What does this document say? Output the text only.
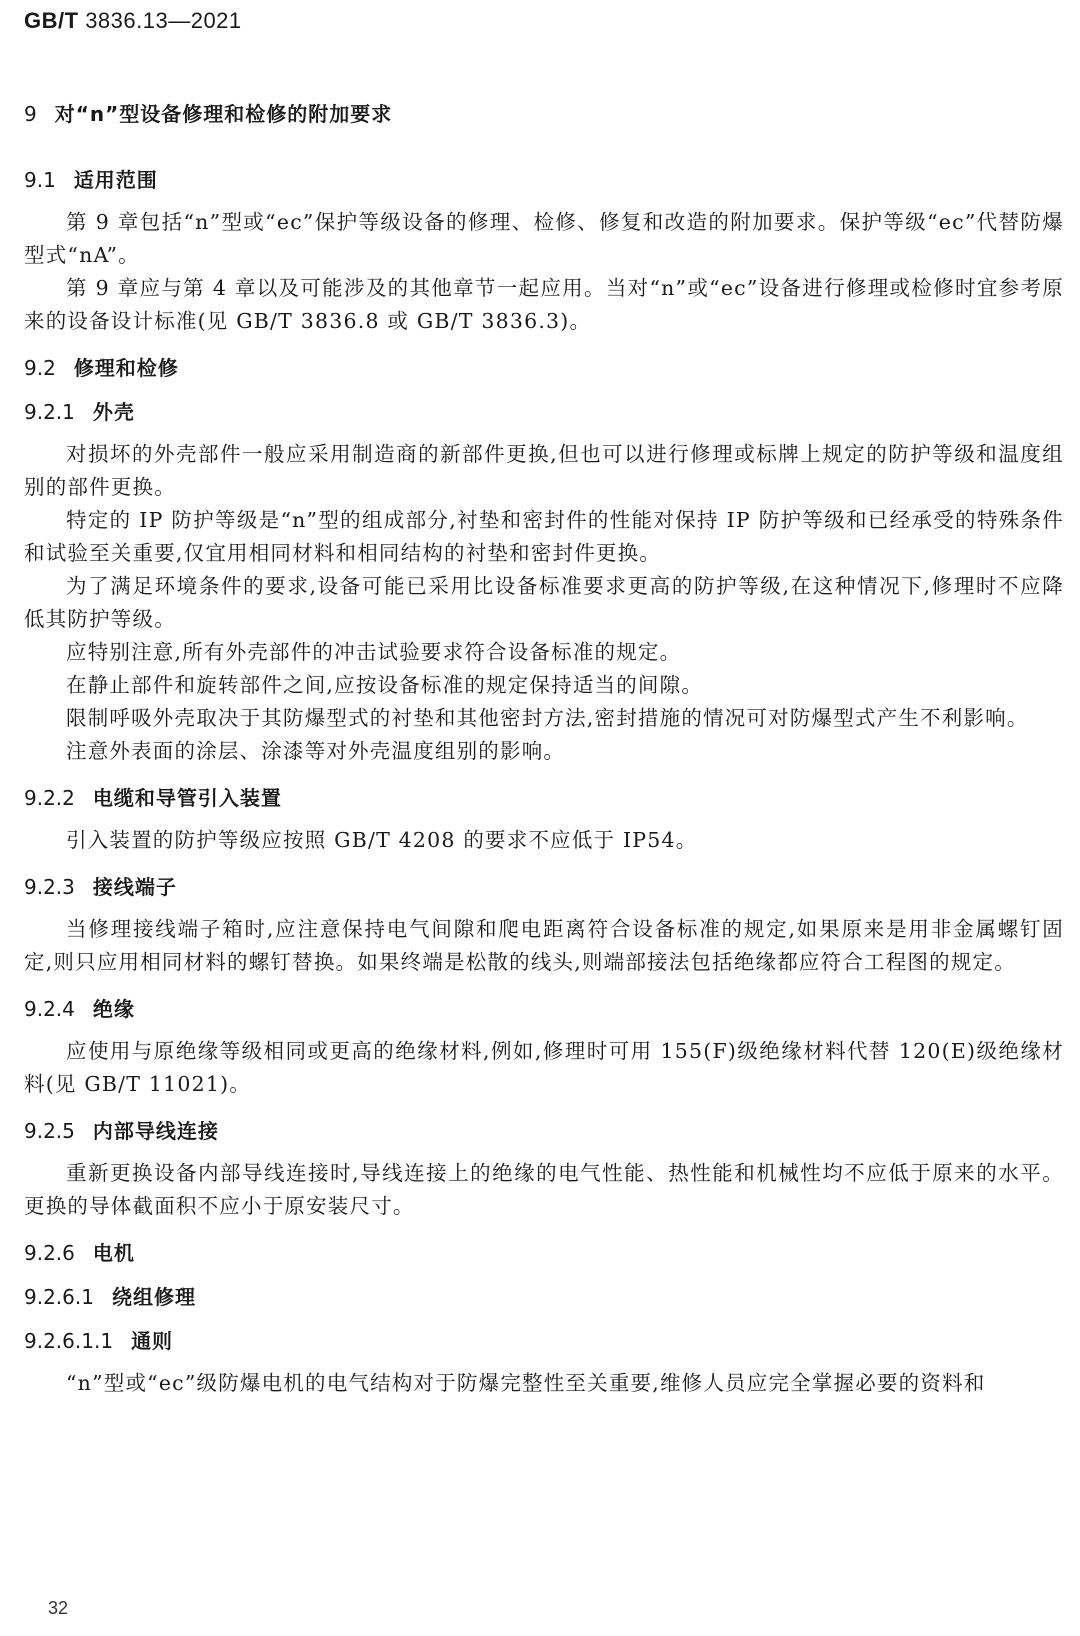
GB/T 3836.13—2021
9 对“n”型设备修理和检修的附加要求
9.1 适用范围

第 9 章包括“n”型或“ec”保护等级设备的修理、检修、修复和改造的附加要求。保护等级“ec”代替防爆型式“nA”。

第 9 章应与第 4 章以及可能涉及的其他章节一起应用。当对“n”或“ec”设备进行修理或检修时宜参考原来的设备设计标准(见 GB/T 3836.8 或 GB/T 3836.3)。

9.2 修理和检修
9.2.1 外壳

对损坏的外壳部件一般应采用制造商的新部件更换,但也可以进行修理或标牌上规定的防护等级和温度组别的部件更换。

特定的 IP 防护等级是“n”型的组成部分,衬垫和密封件的性能对保持 IP 防护等级和已经承受的特殊条件和试验至关重要,仅宜用相同材料和相同结构的衬垫和密封件更换。

为了满足环境条件的要求,设备可能已采用比设备标准要求更高的防护等级,在这种情况下,修理时不应降低其防护等级。

应特别注意,所有外壳部件的冲击试验要求符合设备标准的规定。

在静止部件和旋转部件之间,应按设备标准的规定保持适当的间隙。

限制呼吸外壳取决于其防爆型式的衬垫和其他密封方法,密封措施的情况可对防爆型式产生不利影响。

注意外表面的涂层、涂漆等对外壳温度组别的影响。

9.2.2 电缆和导管引入装置

引入装置的防护等级应按照 GB/T 4208 的要求不应低于 IP54。

9.2.3 接线端子

当修理接线端子箱时,应注意保持电气间隙和爬电距离符合设备标准的规定,如果原来是用非金属螺钉固定,则只应用相同材料的螺钉替换。如果终端是松散的线头,则端部接法包括绝缘都应符合工程图的规定。

9.2.4 绝缘

应使用与原绝缘等级相同或更高的绝缘材料,例如,修理时可用 155(F)级绝缘材料代替 120(E)级绝缘材料(见 GB/T 11021)。

9.2.5 内部导线连接

重新更换设备内部导线连接时,导线连接上的绝缘的电气性能、热性能和机械性均不应低于原来的水平。更换的导体截面积不应小于原安装尺寸。

9.2.6 电机
9.2.6.1 绕组修理
9.2.6.1.1 通则

“n”型或“ec”级防爆电机的电气结构对于防爆完整性至关重要,维修人员应完全掌握必要的资料和

32
